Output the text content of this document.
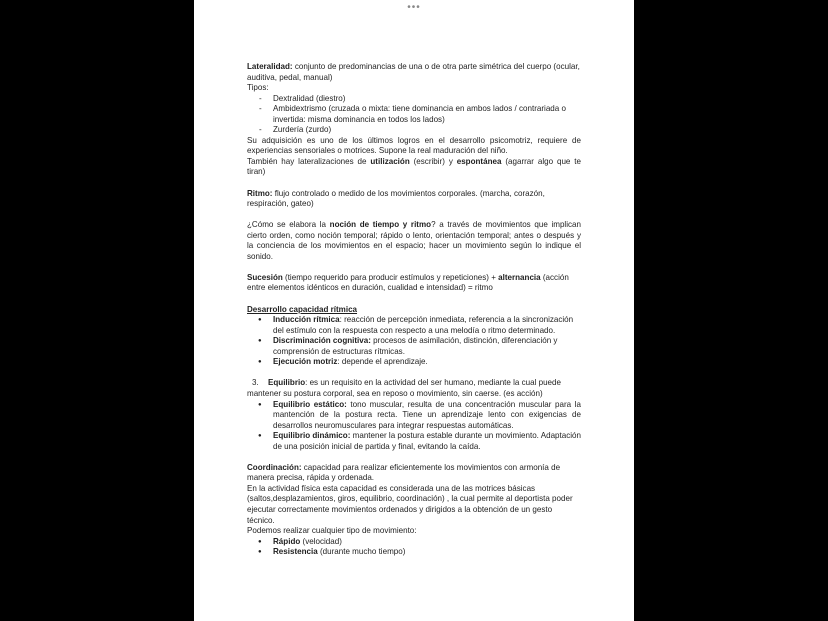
•••

Lateralidad: conjunto de predominancias de una o de otra parte simétrica del cuerpo (ocular, auditiva, pedal, manual)

Tipos:

- Dextralidad (diestro)
- Ambidextrismo (cruzada o mixta: tiene dominancia en ambos lados / contrariada o invertida: misma dominancia en todos los lados)
- Zurdería (zurdo)

Su adquisición es uno de los últimos logros en el desarrollo psicomotriz, requiere de experiencias sensoriales o motrices. Supone la real maduración del niño.

También hay lateralizaciones de utilización (escribir) y espontánea (agarrar algo que te tiran)

Ritmo: flujo controlado o medido de los movimientos corporales. (marcha, corazón, respiración, gateo)

¿Cómo se elabora la noción de tiempo y ritmo? a través de movimientos que implican cierto orden, como noción temporal; rápido o lento, orientación temporal; antes o después y la conciencia de los movimientos en el espacio; hacer un movimiento según lo indique el sonido.

Sucesión (tiempo requerido para producir estímulos y repeticiones) + alternancia (acción entre elementos idénticos en duración, cualidad e intensidad) = ritmo

Desarrollo capacidad rítmica

● Inducción rítmica: reacción de percepción inmediata, referencia a la sincronización del estímulo con la respuesta con respecto a una melodía o ritmo determinado.
● Discriminación cognitiva: procesos de asimilación, distinción, diferenciación y comprensión de estructuras rítmicas.
● Ejecución motriz: depende el aprendizaje.

3. Equilibrio: es un requisito en la actividad del ser humano, mediante la cual puede mantener su postura corporal, sea en reposo o movimiento, sin caerse. (es acción)

● Equilibrio estático: tono muscular, resulta de una concentración muscular para la mantención de la postura recta. Tiene un aprendizaje lento con exigencias de desarrollos neuromusculares para integrar respuestas automáticas.
● Equilibrio dinámico: mantener la postura estable durante un movimiento. Adaptación de una posición inicial de partida y final, evitando la caída.

Coordinación: capacidad para realizar eficientemente los movimientos con armonía de manera precisa, rápida y ordenada.

En la actividad física esta capacidad es considerada una de las motrices básicas (saltos,desplazamientos, giros, equilibrio, coordinación) , la cual permite al deportista poder ejecutar correctamente movimientos ordenados y dirigidos a la obtención de un gesto técnico.

Podemos realizar cualquier tipo de movimiento:

● Rápido (velocidad)
● Resistencia (durante mucho tiempo)
